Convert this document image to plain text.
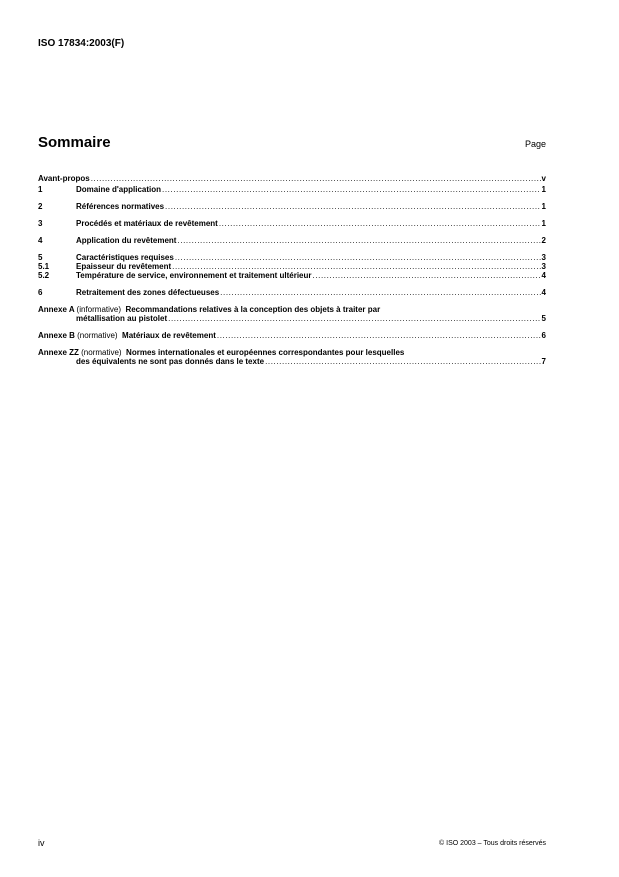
ISO 17834:2003(F)
Sommaire	Page
Avant-propos .....	v
1	Domaine d'application .....	1
2	Références normatives .....	1
3	Procédés et matériaux de revêtement .....	1
4	Application du revêtement .....	2
5	Caractéristiques requises .....	3
5.1	Epaisseur du revêtement .....	3
5.2	Température de service, environnement et traitement ultérieur .....	4
6	Retraitement des zones défectueuses .....	4
Annexe A (informative) Recommandations relatives à la conception des objets à traiter par
métallisation au pistolet .....	5
Annexe B (normative) Matériaux de revêtement .....	6
Annexe ZZ (normative) Normes internationales et européennes correspondantes pour lesquelles
des équivalents ne sont pas donnés dans le texte .....	7
iv	© ISO 2003 – Tous droits réservés
